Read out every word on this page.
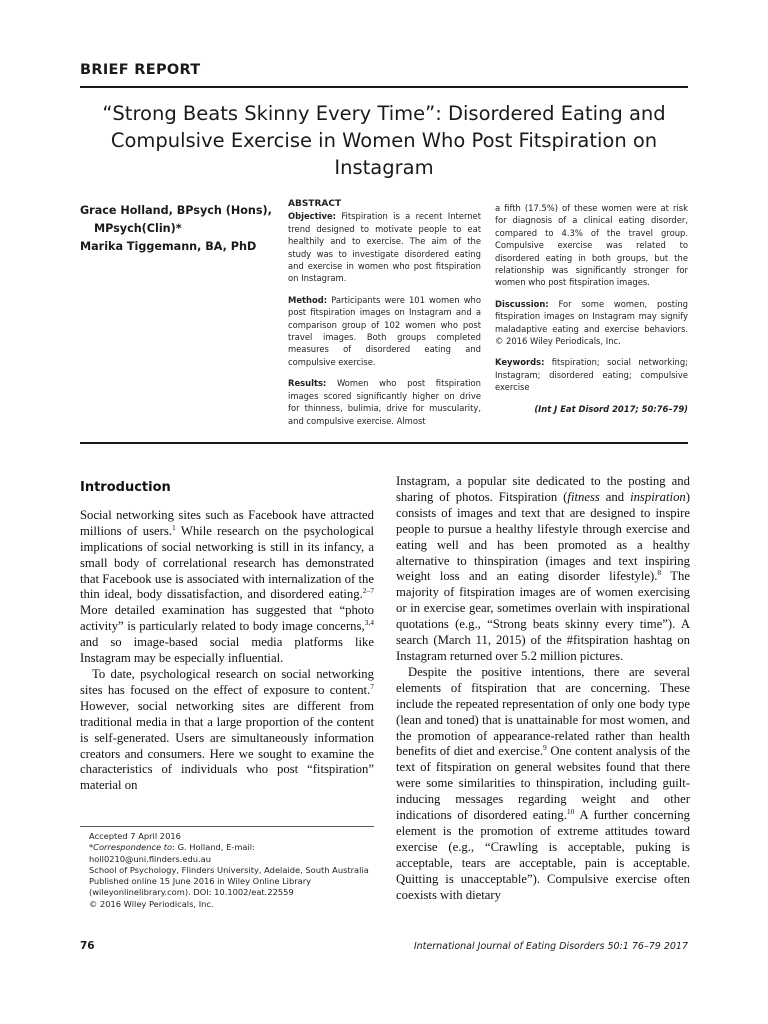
BRIEF REPORT
“Strong Beats Skinny Every Time”: Disordered Eating and Compulsive Exercise in Women Who Post Fitspiration on Instagram
Grace Holland, BPsych (Hons),
MPsych(Clin)*
Marika Tiggemann, BA, PhD
ABSTRACT

Objective: Fitspiration is a recent Internet trend designed to motivate people to eat healthily and to exercise. The aim of the study was to investigate disordered eating and exercise in women who post fitspiration on Instagram.

Method: Participants were 101 women who post fitspiration images on Instagram and a comparison group of 102 women who post travel images. Both groups completed measures of disordered eating and compulsive exercise.

Results: Women who post fitspiration images scored significantly higher on drive for thinness, bulimia, drive for muscularity, and compulsive exercise. Almost

a fifth (17.5%) of these women were at risk for diagnosis of a clinical eating disorder, compared to 4.3% of the travel group. Compulsive exercise was related to disordered eating in both groups, but the relationship was significantly stronger for women who post fitspiration images.

Discussion: For some women, posting fitspiration images on Instagram may signify maladaptive eating and exercise behaviors. © 2016 Wiley Periodicals, Inc.

Keywords: fitspiration; social networking; Instagram; disordered eating; compulsive exercise

(Int J Eat Disord 2017; 50:76–79)
Introduction

Social networking sites such as Facebook have attracted millions of users.$^1$ While research on the psychological implications of social networking is still in its infancy, a small body of correlational research has demonstrated that Facebook use is associated with internalization of the thin ideal, body dissatisfaction, and disordered eating.$^{2-7}$ More detailed examination has suggested that “photo activity” is particularly related to body image concerns,$^{3,4}$ and so image-based social media platforms like Instagram may be especially influential.

To date, psychological research on social networking sites has focused on the effect of exposure to content.$^7$ However, social networking sites are different from traditional media in that a large proportion of the content is self-generated. Users are simultaneously information creators and consumers. Here we sought to examine the characteristics of individuals who post “fitspiration” material on

Instagram, a popular site dedicated to the posting and sharing of photos. Fitspiration (fitness and inspiration) consists of images and text that are designed to inspire people to pursue a healthy lifestyle through exercise and eating well and has been promoted as a healthy alternative to thinspiration (images and text inspiring weight loss and an eating disorder lifestyle).$^8$ The majority of fitspiration images are of women exercising or in exercise gear, sometimes overlain with inspirational quotations (e.g., “Strong beats skinny every time”). A search (March 11, 2015) of the #fitspiration hashtag on Instagram returned over 5.2 million pictures.

Despite the positive intentions, there are several elements of fitspiration that are concerning. These include the repeated representation of only one body type (lean and toned) that is unattainable for most women, and the promotion of appearance-related rather than health benefits of diet and exercise.$^9$ One content analysis of the text of fitspiration on general websites found that there were some similarities to thinspiration, including guilt-inducing messages regarding weight and other indications of disordered eating.$^{10}$ A further concerning element is the promotion of extreme attitudes toward exercise (e.g., “Crawling is acceptable, puking is acceptable, tears are acceptable, pain is acceptable. Quitting is unacceptable”). Compulsive exercise often coexists with dietary

Accepted 7 April 2016
*Correspondence to: G. Holland, E-mail: holl0210@uni.flinders.edu.au
School of Psychology, Flinders University, Adelaide, South Australia
Published online 15 June 2016 in Wiley Online Library (wileyonlinelibrary.com). DOI: 10.1002/eat.22559
© 2016 Wiley Periodicals, Inc.
76	International Journal of Eating Disorders 50:1 76–79 2017
